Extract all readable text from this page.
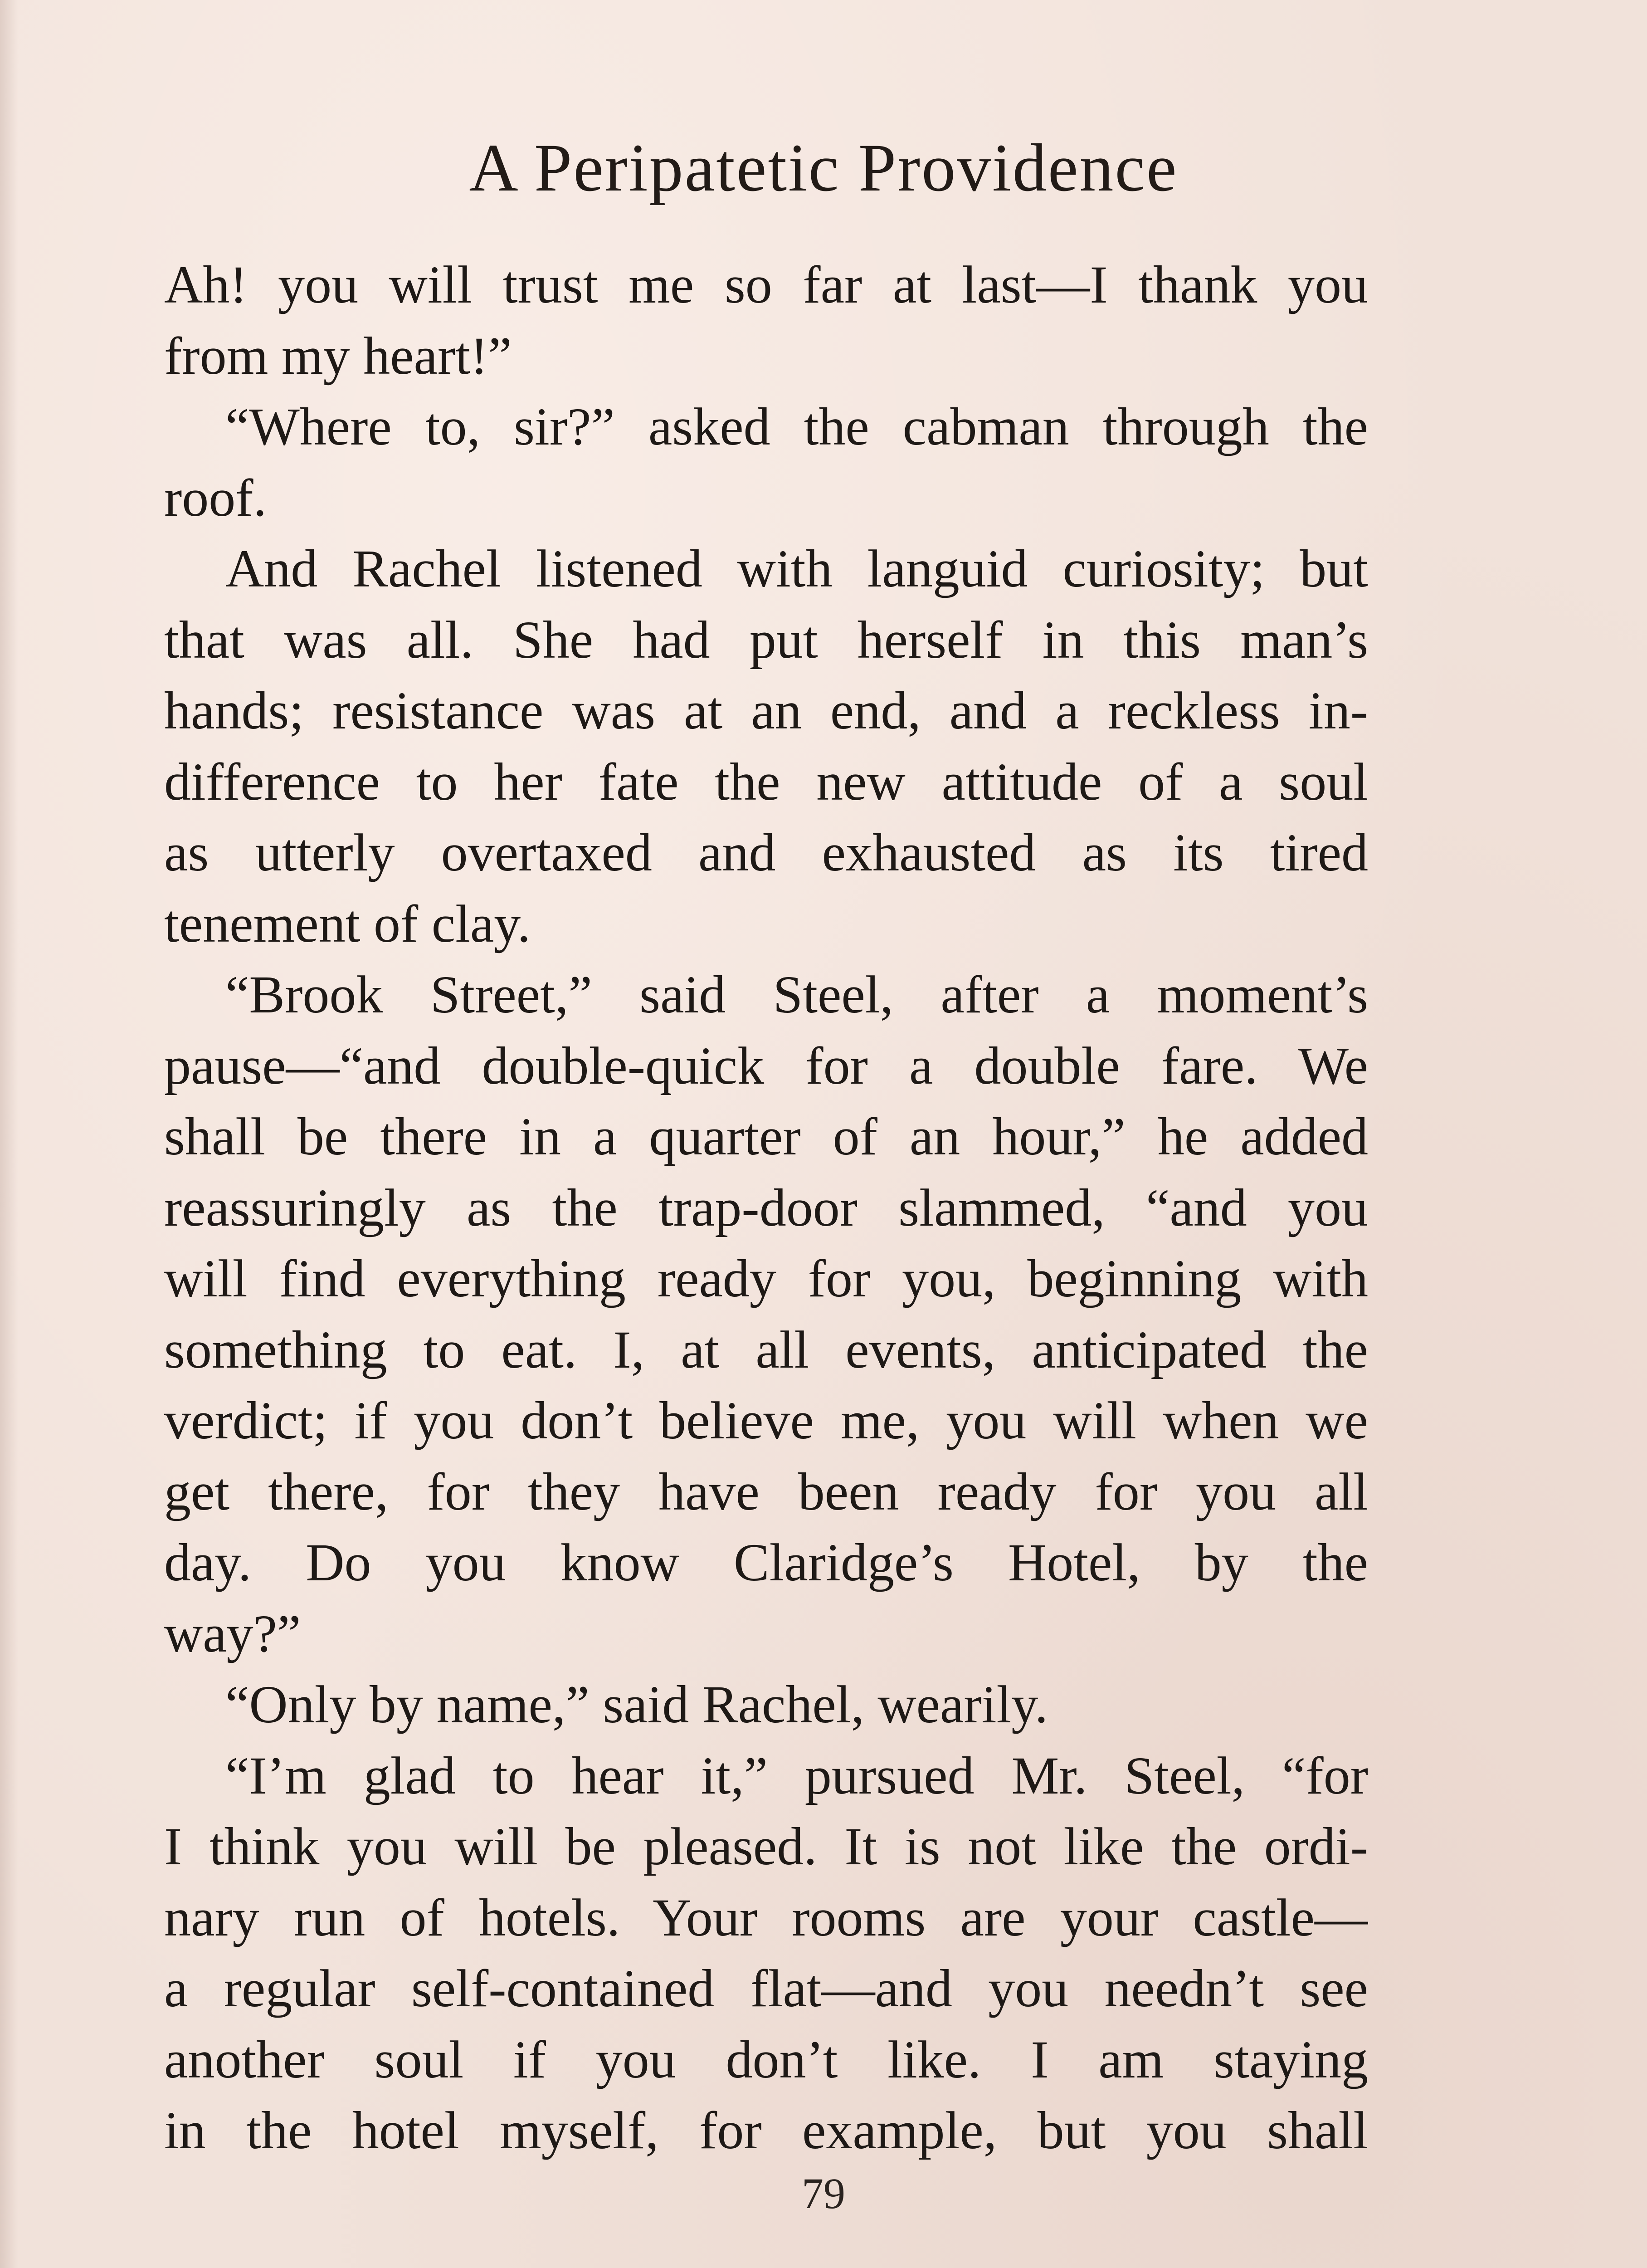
A Peripatetic Providence
Ah! you will trust me so far at last—I thank you
from my heart!”
“Where to, sir?” asked the cabman through the
roof.
And Rachel listened with languid curiosity; but
that was all. She had put herself in this man’s
hands; resistance was at an end, and a reckless in-
difference to her fate the new attitude of a soul
as utterly overtaxed and exhausted as its tired
tenement of clay.
“Brook Street,” said Steel, after a moment’s
pause—“and double-quick for a double fare. We
shall be there in a quarter of an hour,” he added
reassuringly as the trap-door slammed, “and you
will find everything ready for you, beginning with
something to eat. I, at all events, anticipated the
verdict; if you don’t believe me, you will when we
get there, for they have been ready for you all
day. Do you know Claridge’s Hotel, by the
way?”
“Only by name,” said Rachel, wearily.
“I’m glad to hear it,” pursued Mr. Steel, “for
I think you will be pleased. It is not like the ordi-
nary run of hotels. Your rooms are your castle—
a regular self-contained flat—and you needn’t see
another soul if you don’t like. I am staying
in the hotel myself, for example, but you shall
79
